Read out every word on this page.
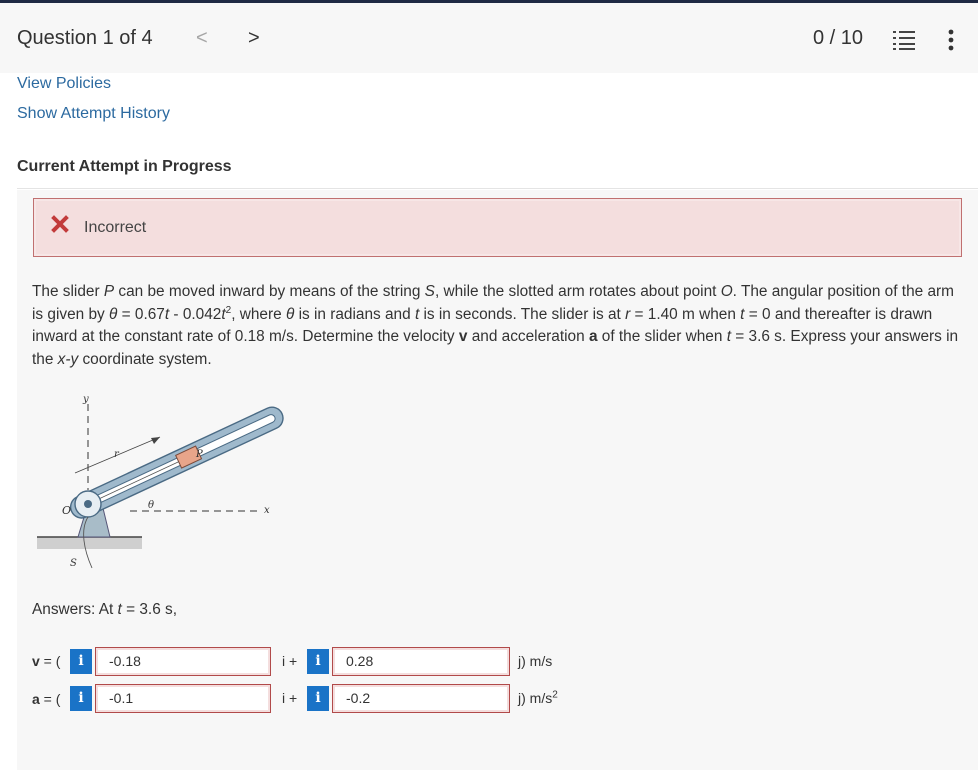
Question 1 of 4 < >	0 / 10
View Policies
Show Attempt History
Current Attempt in Progress
Incorrect
The slider P can be moved inward by means of the string S, while the slotted arm rotates about point O. The angular position of the arm is given by $\theta = 0.67t - 0.042t^2$, where θ is in radians and t is in seconds. The slider is at r = 1.40 m when t = 0 and thereafter is drawn inward at the constant rate of 0.18 m/s. Determine the velocity v and acceleration a of the slider when t = 3.6 s. Express your answers in the x-y coordinate system.
y
x
r	P
θ
O
S
Answers: At t = 3.6 s,
v = (	i	-0.18	i +	i	0.28	j) m/s
a = (	i	-0.1	i +	i	-0.2	j) $m/s^2$
